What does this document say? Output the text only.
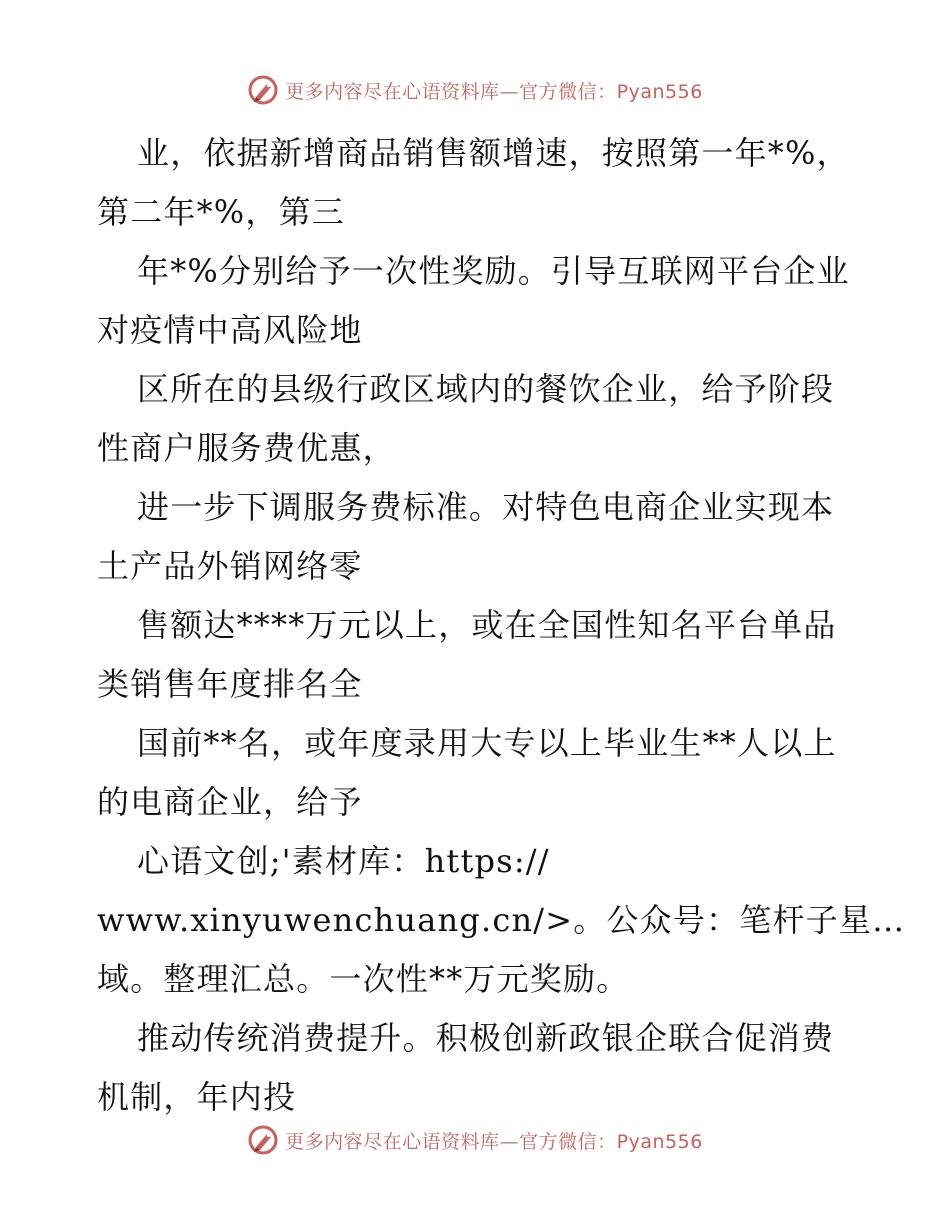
更多内容尽在心语资料库—官方微信：Pyan556

业，依据新增商品销售额增速，按照第一年*%，
第二年*%，第三

年*%分别给予一次性奖励。引导互联网平台企业
对疫情中高风险地

区所在的县级行政区域内的餐饮企业，给予阶段
性商户服务费优惠，

进一步下调服务费标准。对特色电商企业实现本
土产品外销网络零

售额达****万元以上，或在全国性知名平台单品
类销售年度排名全

国前**名，或年度录用大专以上毕业生**人以上
的电商企业，给予

心语文创;'素材库：https://
www.xinyuwenchuang.cn/>。公众号：笔杆子星…
域。整理汇总。一次性**万元奖励。

推动传统消费提升。积极创新政银企联合促消费
机制，年内投

更多内容尽在心语资料库—官方微信：Pyan556
